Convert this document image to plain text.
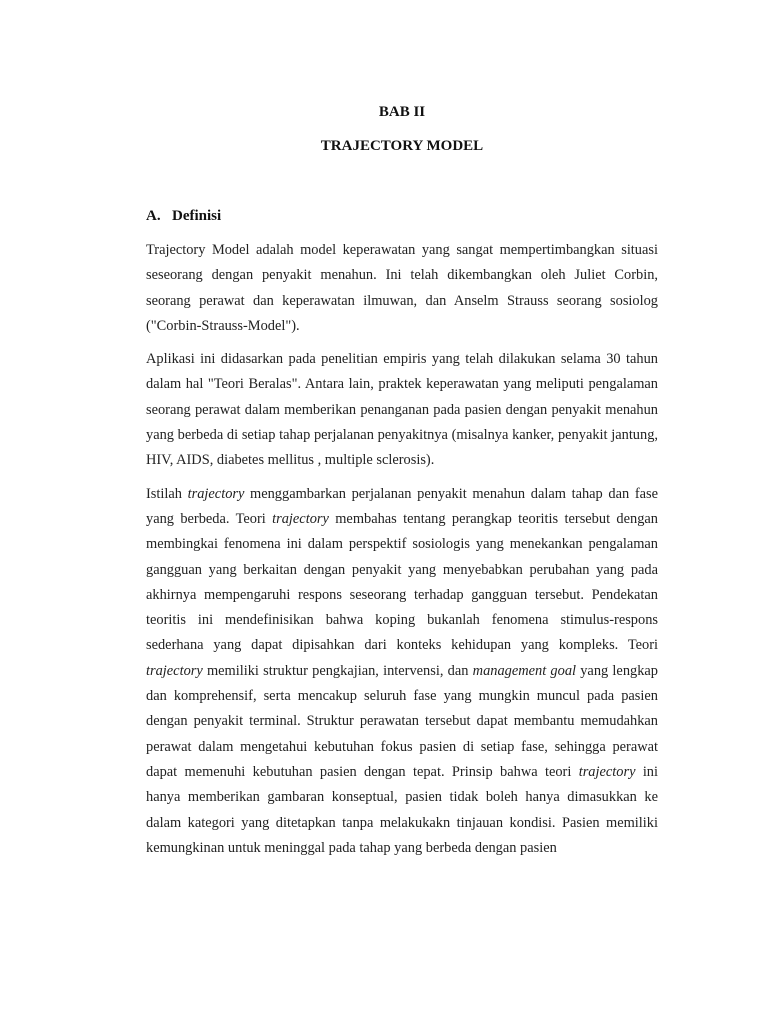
BAB II
TRAJECTORY MODEL
A. Definisi

Trajectory Model adalah model keperawatan yang sangat mempertimbangkan situasi seseorang dengan penyakit menahun. Ini telah dikembangkan oleh Juliet Corbin, seorang perawat dan keperawatan ilmuwan, dan Anselm Strauss seorang sosiolog ("Corbin-Strauss-Model").

Aplikasi ini didasarkan pada penelitian empiris yang telah dilakukan selama 30 tahun dalam hal "Teori Beralas". Antara lain, praktek keperawatan yang meliputi pengalaman seorang perawat dalam memberikan penanganan pada pasien dengan penyakit menahun yang berbeda di setiap tahap perjalanan penyakitnya (misalnya kanker, penyakit jantung, HIV, AIDS, diabetes mellitus , multiple sclerosis).

Istilah trajectory menggambarkan perjalanan penyakit menahun dalam tahap dan fase yang berbeda. Teori trajectory membahas tentang perangkap teoritis tersebut dengan membingkai fenomena ini dalam perspektif sosiologis yang menekankan pengalaman gangguan yang berkaitan dengan penyakit yang menyebabkan perubahan yang pada akhirnya mempengaruhi respons seseorang terhadap gangguan tersebut. Pendekatan teoritis ini mendefinisikan bahwa koping bukanlah fenomena stimulus-respons sederhana yang dapat dipisahkan dari konteks kehidupan yang kompleks. Teori trajectory memiliki struktur pengkajian, intervensi, dan management goal yang lengkap dan komprehensif, serta mencakup seluruh fase yang mungkin muncul pada pasien dengan penyakit terminal. Struktur perawatan tersebut dapat membantu memudahkan perawat dalam mengetahui kebutuhan fokus pasien di setiap fase, sehingga perawat dapat memenuhi kebutuhan pasien dengan tepat. Prinsip bahwa teori trajectory ini hanya memberikan gambaran konseptual, pasien tidak boleh hanya dimasukkan ke dalam kategori yang ditetapkan tanpa melakukakn tinjauan kondisi. Pasien memiliki kemungkinan untuk meninggal pada tahap yang berbeda dengan pasien
